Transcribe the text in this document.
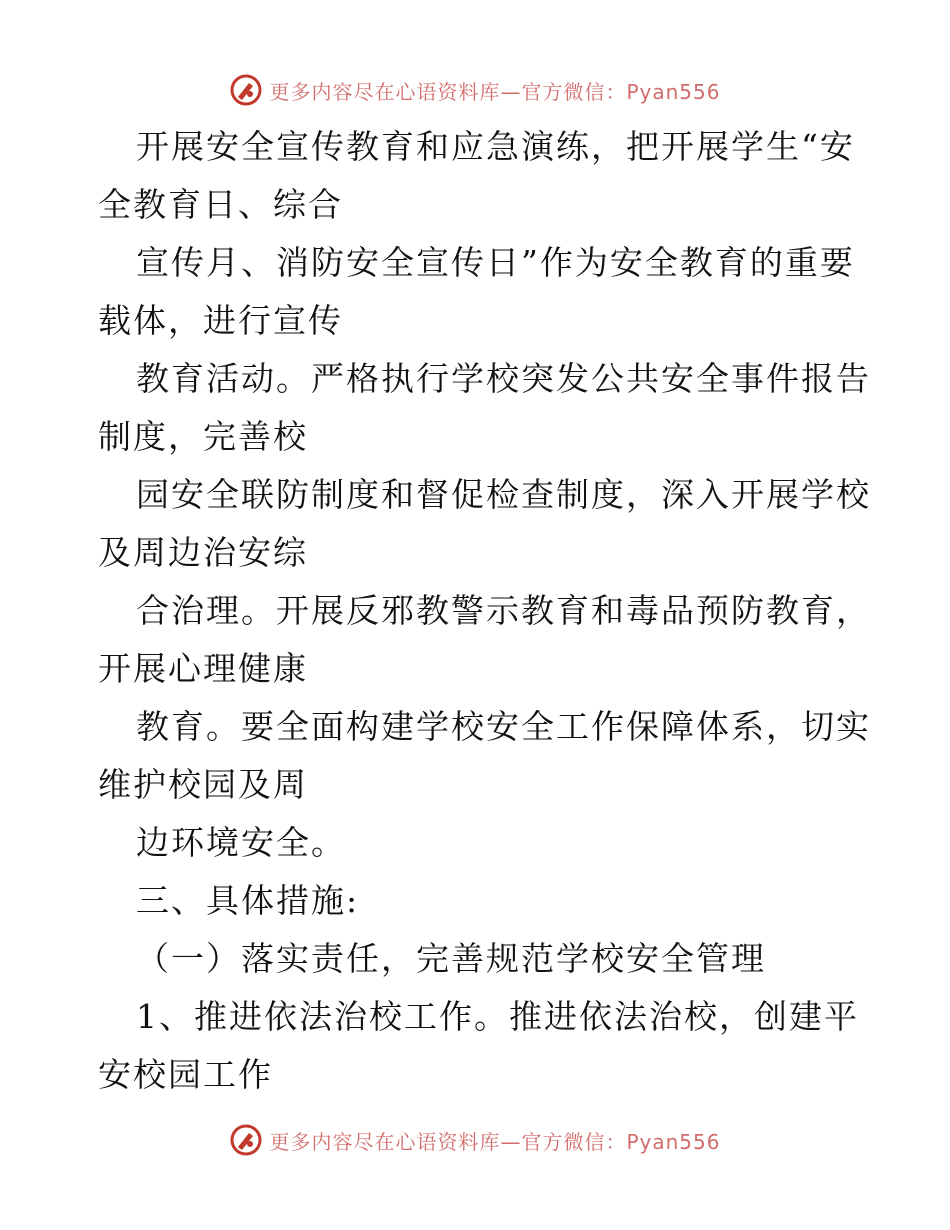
更多内容尽在心语资料库—官方微信：Pyan556
开展安全宣传教育和应急演练，把开展学生“安
全教育日、综合
宣传月、消防安全宣传日”作为安全教育的重要
载体，进行宣传
教育活动。严格执行学校突发公共安全事件报告
制度，完善校
园安全联防制度和督促检查制度，深入开展学校
及周边治安综
合治理。开展反邪教警示教育和毒品预防教育，
开展心理健康
教育。要全面构建学校安全工作保障体系，切实
维护校园及周
边环境安全。
三、具体措施:
（一）落实责任，完善规范学校安全管理
1、推进依法治校工作。推进依法治校，创建平
安校园工作
更多内容尽在心语资料库—官方微信：Pyan556
